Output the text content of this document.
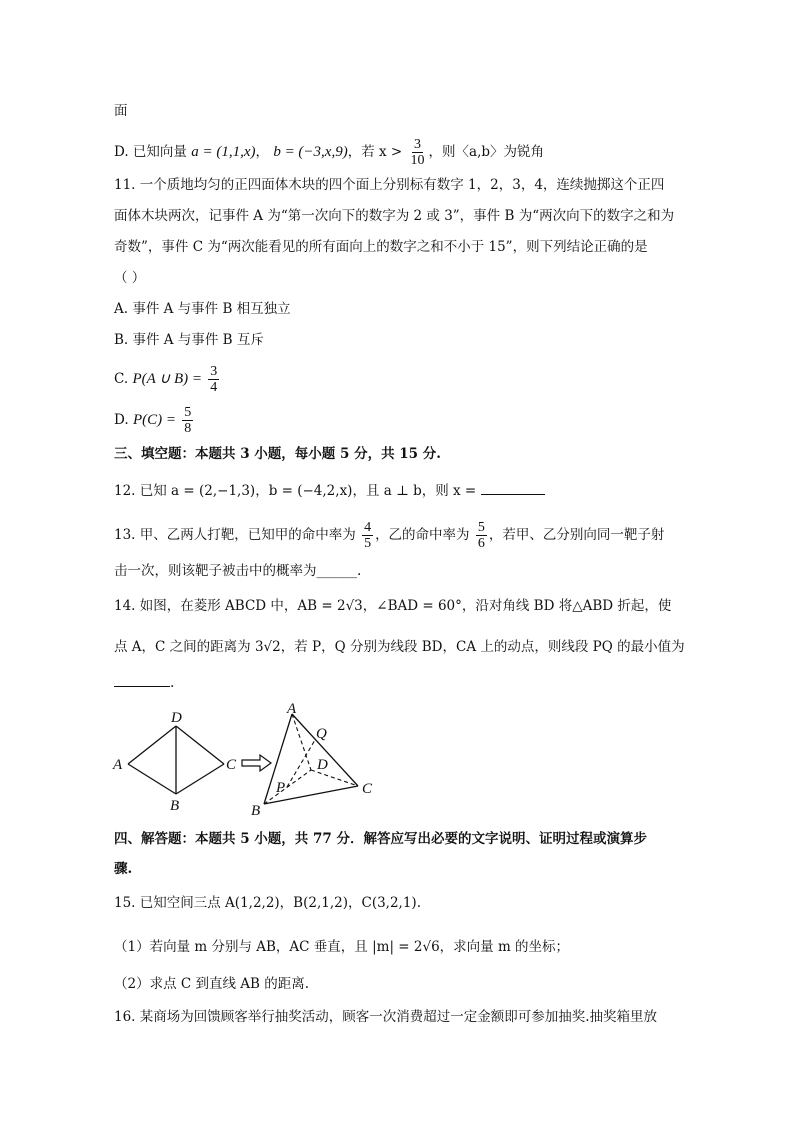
面
D. 已知向量 a = (1,1,x)， b = (−3,x,9)，若 $x > \frac{3}{10}$ ，则〈a,b〉为锐角
11. 一个质地均匀的正四面体木块的四个面上分别标有数字 1，2，3，4，连续抛掷这个正四
面体木块两次，记事件 A 为“第一次向下的数字为 2 或 3”，事件 B 为“两次向下的数字之和为
奇数”，事件 C 为“两次能看见的所有面向上的数字之和不小于 15”，则下列结论正确的是
（ ）
A. 事件 A 与事件 B 相互独立
B. 事件 A 与事件 B 互斥
C. P(A ∪ $B) = \frac{3}{4}$
D. $P(C) = \frac{5}{8}$
三、填空题：本题共 3 小题，每小题 5 分，共 15 分.
12. 已知 a = (2,−1,3)，b = (−4,2,x)，且 a ⊥ b，则 x =
13. 甲、乙两人打靶，已知甲的命中率为 $\frac{4}{5}$ ，乙的命中率为 $\frac{5}{6}$ ，若甲、乙分别向同一靶子射
击一次，则该靶子被击中的概率为______.
14. 如图，在菱形 ABCD 中，AB = 2√3，∠BAD = 60°，沿对角线 BD 将△ABD 折起，使
点 A，C 之间的距离为 3√2，若 P，Q 分别为线段 BD，CA 上的动点，则线段 PQ 的最小值为
.
A
D
C
B
A
Q
D
P	C
B
四、解答题：本题共 5 小题，共 77 分．解答应写出必要的文字说明、证明过程或演算步
骤.
15. 已知空间三点 A(1,2,2)，B(2,1,2)，C(3,2,1).
（1）若向量 m 分别与 AB，AC 垂直，且 |m| = 2√6，求向量 m 的坐标；
（2）求点 C 到直线 AB 的距离.
16. 某商场为回馈顾客举行抽奖活动，顾客一次消费超过一定金额即可参加抽奖.抽奖箱里放
